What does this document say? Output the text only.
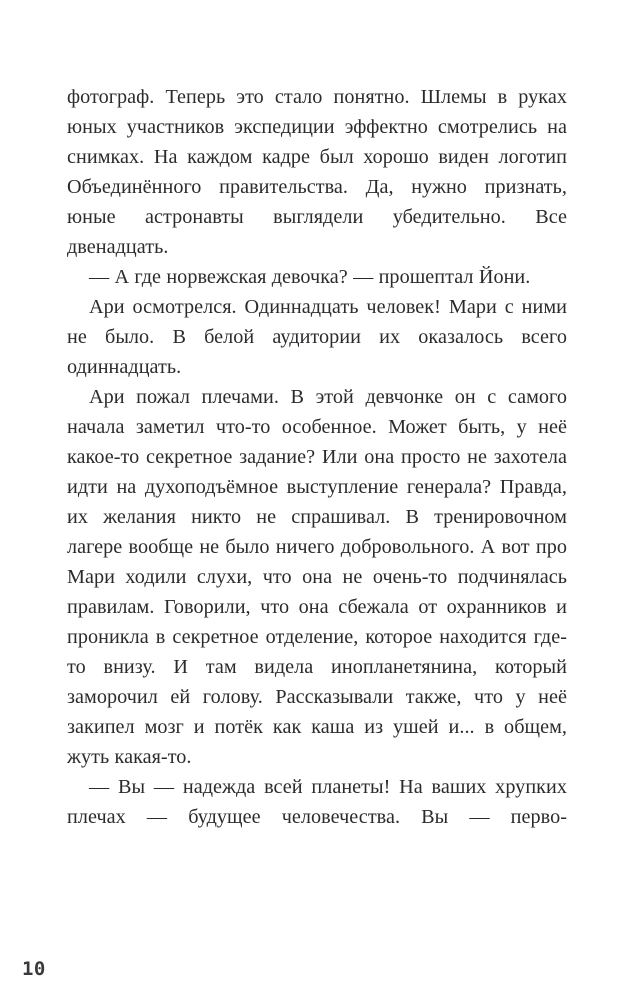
фотограф. Теперь это стало понятно. Шлемы в руках юных участников экспедиции эффектно смотрелись на снимках. На каждом кадре был хорошо виден логотип Объединённого правительства. Да, нужно признать, юные астронавты выглядели убедительно. Все двенадцать.

— А где норвежская девочка? — прошептал Йони.

Ари осмотрелся. Одиннадцать человек! Мари с ними не было. В белой аудитории их оказалось всего одиннадцать.

Ари пожал плечами. В этой девчонке он с самого начала заметил что-то особенное. Может быть, у неё какое-то секретное задание? Или она просто не захотела идти на духоподъёмное выступление генерала? Правда, их желания никто не спрашивал. В тренировочном лагере вообще не было ничего добровольного. А вот про Мари ходили слухи, что она не очень-то подчинялась правилам. Говорили, что она сбежала от охранников и проникла в секретное отделение, которое находится где-то внизу. И там видела инопланетянина, который заморочил ей голову. Рассказывали также, что у неё закипел мозг и потёк как каша из ушей и... в общем, жуть какая-то.

— Вы — надежда всей планеты! На ваших хрупких плечах — будущее человечества. Вы — перво-

10
